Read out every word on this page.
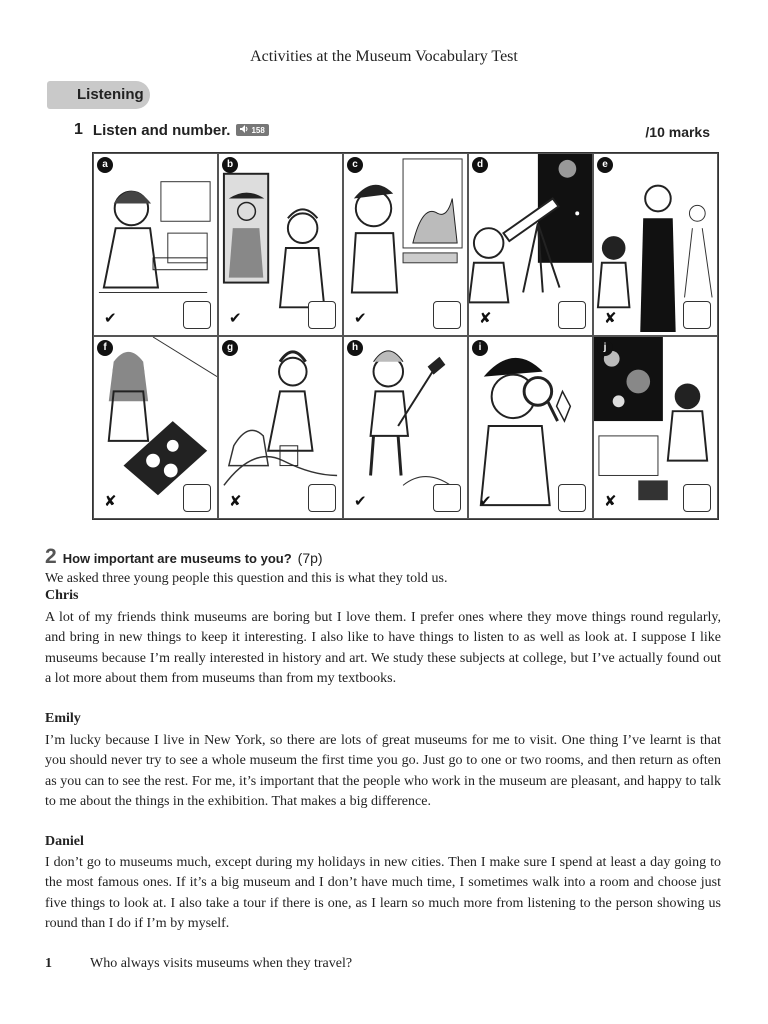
Activities at the Museum Vocabulary Test
Listening
1 Listen and number.	158	/10 marks
a
✔
b
✔
c
✔
d
✘
e
✘
f
✘
g
✘
h
✔
i
✔
j
✘
2 How important are museums to you? (7p)
We asked three young people this question and this is what they told us.
Chris
A lot of my friends think museums are boring but I love them. I prefer ones where they move things round regularly, and bring in new things to keep it interesting. I also like to have things to listen to as well as look at. I suppose I like museums because I’m really interested in history and art. We study these subjects at college, but I’ve actually found out a lot more about them from museums than from my textbooks.
Emily
I’m lucky because I live in New York, so there are lots of great museums for me to visit. One thing I’ve learnt is that you should never try to see a whole museum the first time you go. Just go to one or two rooms, and then return as often as you can to see the rest. For me, it’s important that the people who work in the museum are pleasant, and happy to talk to me about the things in the exhibition. That makes a big difference.
Daniel
I don’t go to museums much, except during my holidays in new cities. Then I make sure I spend at least a day going to the most famous ones. If it’s a big museum and I don’t have much time, I sometimes walk into a room and choose just five things to look at. I also take a tour if there is one, as I learn so much more from listening to the person showing us round than I do if I’m by myself.
1	Who always visits museums when they travel?
